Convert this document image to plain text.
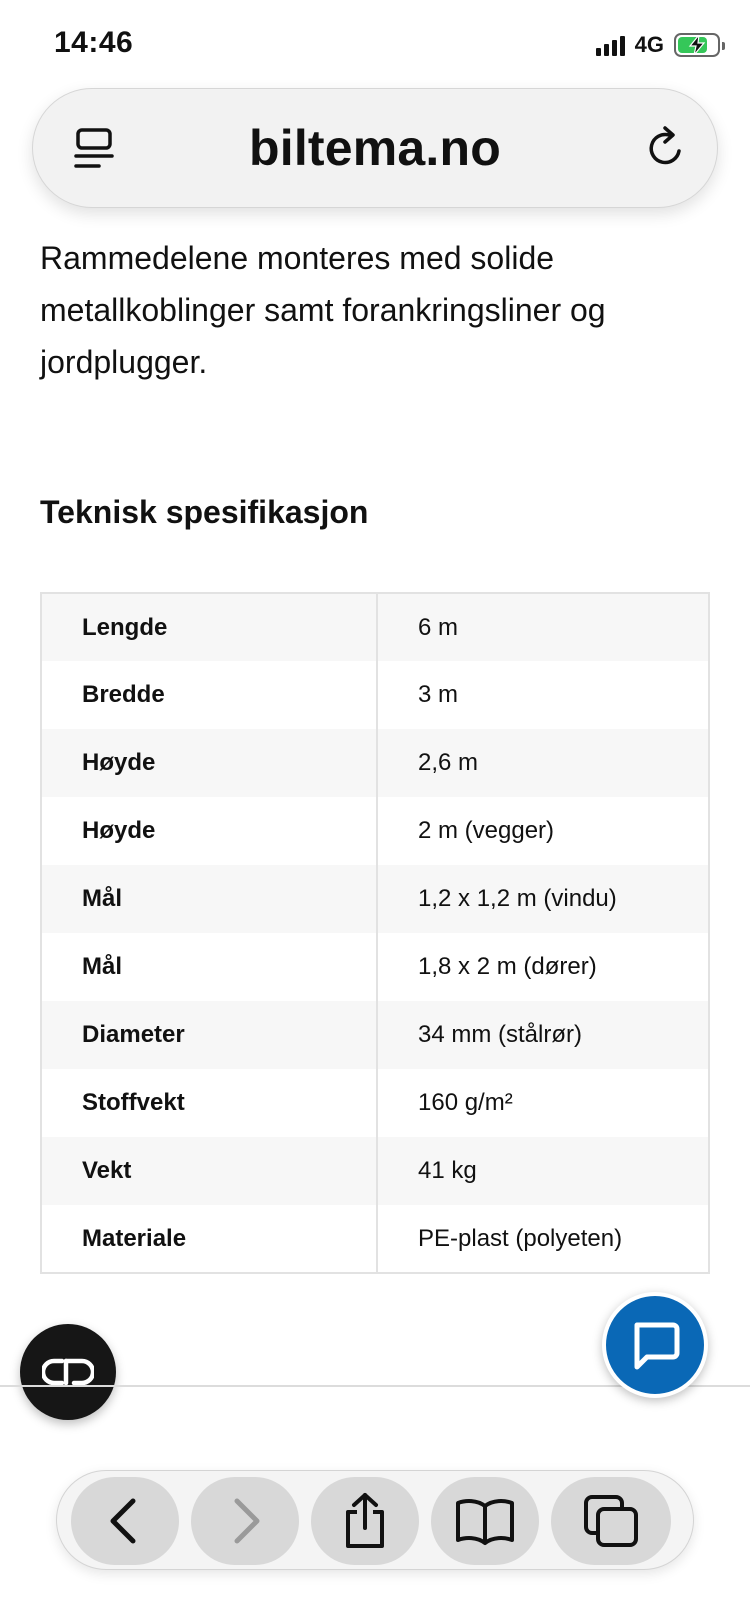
14:46	4G
biltema.no

Rammedelene monteres med solide metallkoblinger samt forankringsliner og jordplugger.

Teknisk spesifikasjon
Lengde	6 m
Bredde	3 m
Høyde	2,6 m
Høyde	2 m (vegger)
Mål	1,2 x 1,2 m (vindu)
Mål	1,8 x 2 m (dører)
Diameter	34 mm (stålrør)
Stoffvekt	160 g/m²
Vekt	41 kg
Materiale	PE-plast (polyeten)
